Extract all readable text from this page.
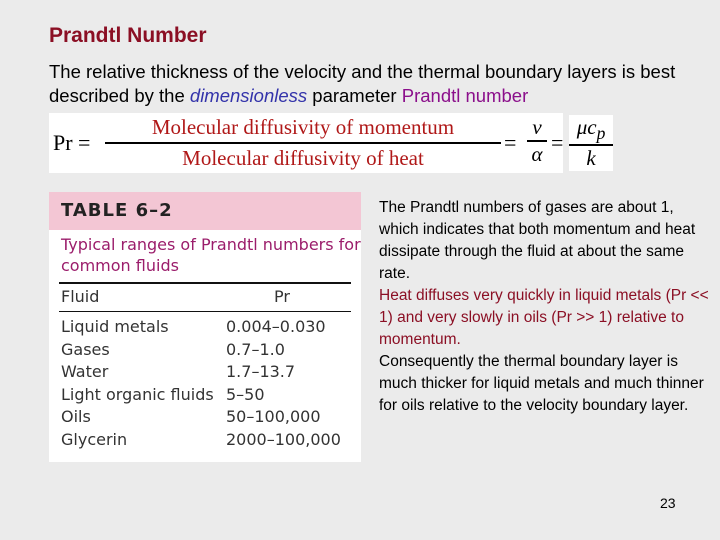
Prandtl Number
The relative thickness of the velocity and the thermal boundary layers is best described by the dimensionless parameter Prandtl number
Pr =
Molecular diffusivity of momentum
Molecular diffusivity of heat
=
v
α =
$\mu c_p$
k
TABLE 6–2
Typical ranges of Prandtl numbers for common fluids
Fluid	Pr
Liquid metals	0.004–0.030
Gases	0.7–1.0
Water	1.7–13.7
Light organic fluids 5–50
Oils	50–100,000
Glycerin	2000–100,000
The Prandtl numbers of gases are about 1, which indicates that both momentum and heat dissipate through the fluid at about the same rate.
Heat diffuses very quickly in liquid metals (Pr << 1) and very slowly in oils (Pr >> 1) relative to momentum.
Consequently the thermal boundary layer is much thicker for liquid metals and much thinner for oils relative to the velocity boundary layer.
23
